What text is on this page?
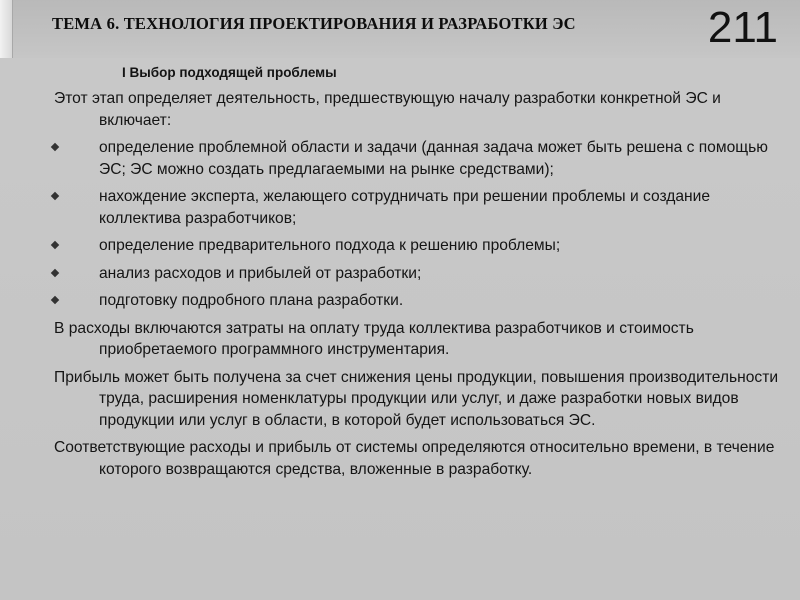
ТЕМА 6. ТЕХНОЛОГИЯ ПРОЕКТИРОВАНИЯ И РАЗРАБОТКИ ЭС	211
I Выбор подходящей проблемы

Этот этап определяет деятельность, предшествующую началу разработки конкретной ЭС и включает:

определение проблемной области и задачи (данная задача может быть решена с помощью ЭС; ЭС можно создать предлагаемыми на рынке средствами);
нахождение эксперта, желающего сотрудничать при решении проблемы и создание коллектива разработчиков;
определение предварительного подхода к решению проблемы;
анализ расходов и прибылей от разработки;
подготовку подробного плана разработки.

В расходы включаются затраты на оплату труда коллектива разработчиков и стоимость приобретаемого программного инструментария.

Прибыль может быть получена за счет снижения цены продукции, повышения производительности труда, расширения номенклатуры продукции или услуг, и даже разработки новых видов продукции или услуг в области, в которой будет использоваться ЭС.

Соответствующие расходы и прибыль от системы определяются относительно времени, в течение которого возвращаются средства, вложенные в разработку.
